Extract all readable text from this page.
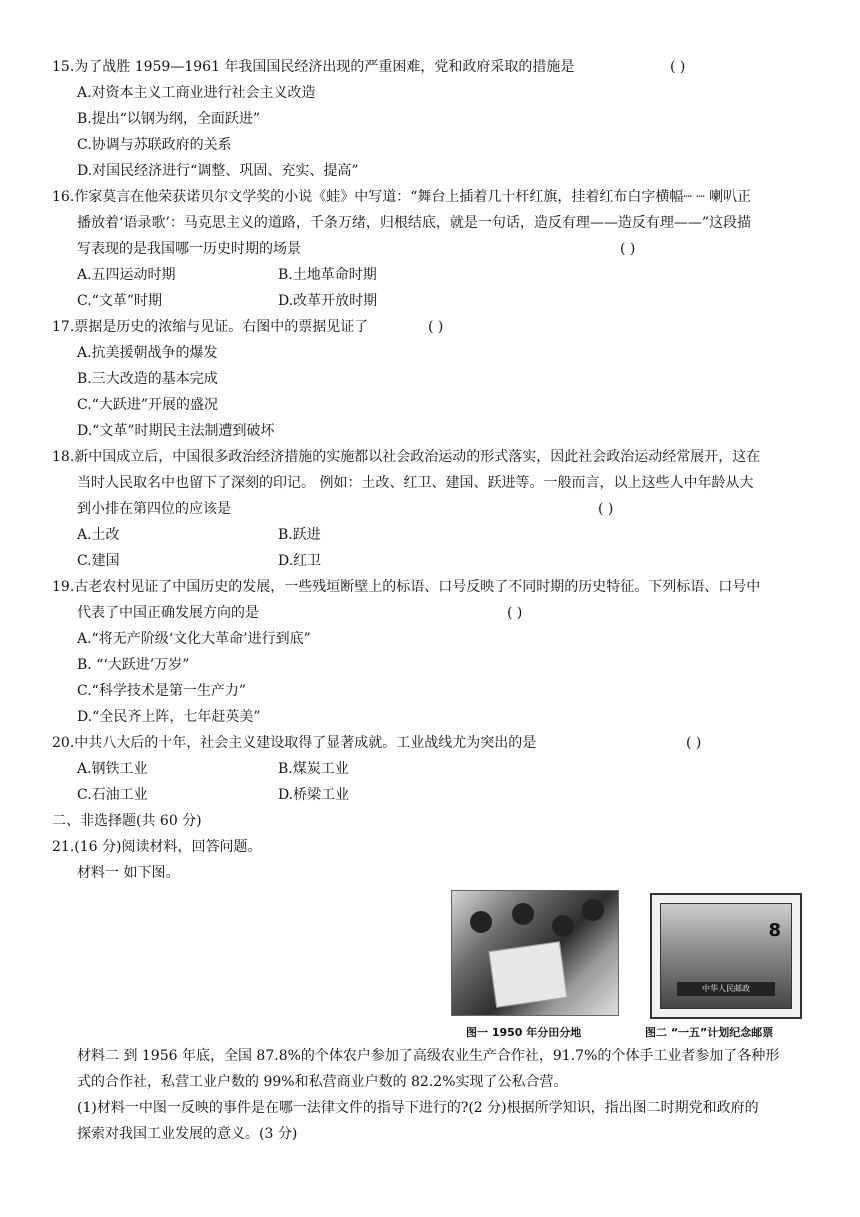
15.为了战胜 1959—1961 年我国国民经济出现的严重困难，党和政府采取的措施是	( )
A.对资本主义工商业进行社会主义改造
B.提出“以钢为纲，全面跃进”
C.协调与苏联政府的关系
D.对国民经济进行“调整、巩固、充实、提高”
16.作家莫言在他荣获诺贝尔文学奖的小说《蛙》中写道：“舞台上插着几十杆红旗，挂着红布白字横幅┈ ┈ 喇叭正
播放着‘语录歌’：马克思主义的道路，千条万绪，归根结底，就是一句话，造反有理——造反有理——”这段描
写表现的是我国哪一历史时期的场景	( )
A.五四运动时期	B.土地革命时期
C.“文革”时期	D.改革开放时期
17.票据是历史的浓缩与见证。右图中的票据见证了	( )
A.抗美援朝战争的爆发
B.三大改造的基本完成
C.“大跃进”开展的盛况
D.“文革”时期民主法制遭到破坏
18.新中国成立后，中国很多政治经济措施的实施都以社会政治运动的形式落实，因此社会政治运动经常展开，这在
当时人民取名中也留下了深刻的印记。 例如：土改、红卫、建国、跃进等。一般而言，以上这些人中年龄从大
到小排在第四位的应该是	( )
A.土改	B.跃进
C.建国	D.红卫
19.古老农村见证了中国历史的发展，一些残垣断壁上的标语、口号反映了不同时期的历史特征。下列标语、口号中
代表了中国正确发展方向的是	( )
A.“将无产阶级‘文化大革命’进行到底”
B. “‘大跃进’万岁”
C.“科学技术是第一生产力”
D.“全民齐上阵，七年赶英美”
20.中共八大后的十年，社会主义建设取得了显著成就。工业战线尤为突出的是	( )
A.钢铁工业	B.煤炭工业
C.石油工业	D.桥梁工业
二、非选择题(共 60 分)
21.(16 分)阅读材料，回答问题。
材料一 如下图。
8
中华人民邮政
图一 1950 年分田分地	图二 “一五”计划纪念邮票
材料二 到 1956 年底，全国 87.8%的个体农户参加了高级农业生产合作社，91.7%的个体手工业者参加了各种形
式的合作社，私营工业户数的 99%和私营商业户数的 82.2%实现了公私合营。
(1)材料一中图一反映的事件是在哪一法律文件的指导下进行的?(2 分)根据所学知识，指出图二时期党和政府的
探索对我国工业发展的意义。(3 分)
